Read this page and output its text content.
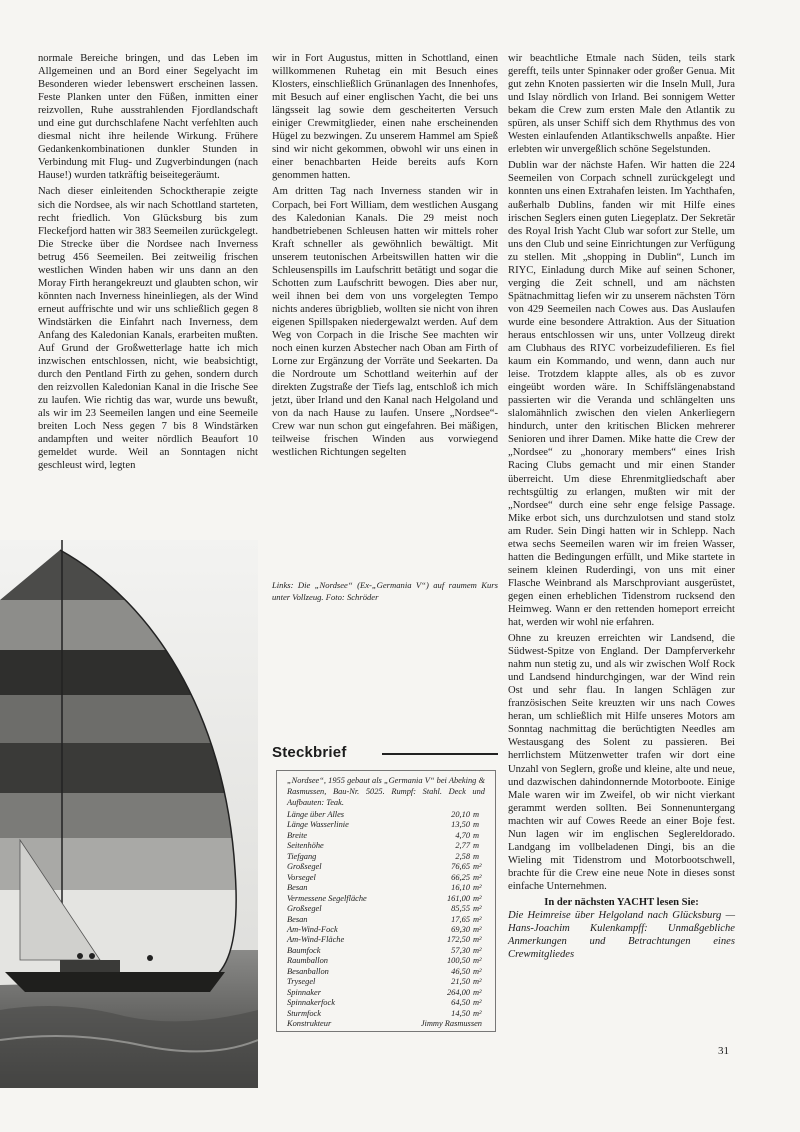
normale Bereiche bringen, und das Leben im Allgemeinen und an Bord einer Segelyacht im Besonderen wieder lebenswert erscheinen lassen. Feste Planken unter den Füßen, inmitten einer reizvollen, Ruhe ausstrahlenden Fjordlandschaft und eine gut durchschlafene Nacht verfehlten auch diesmal nicht ihre heilende Wirkung. Frühere Gedankenkombinationen dunkler Stunden in Verbindung mit Flug- und Zugverbindungen (nach Hause!) wurden tatkräftig beiseitegeräumt.

Nach dieser einleitenden Schocktherapie zeigte sich die Nordsee, als wir nach Schottland starteten, recht friedlich. Von Glücksburg bis zum Fleckefjord hatten wir 383 Seemeilen zurückgelegt. Die Strecke über die Nordsee nach Inverness betrug 456 Seemeilen. Bei zeitweilig frischen westlichen Winden haben wir uns dann an den Moray Firth herangekreuzt und glaubten schon, wir könnten nach Inverness hineinliegen, als der Wind erneut auffrischte und wir uns schließlich gegen 8 Windstärken die Einfahrt nach Inverness, dem Anfang des Kaledonian Kanals, erarbeiten mußten. Auf Grund der Großwetterlage hatte ich mich inzwischen entschlossen, nicht, wie beabsichtigt, durch den Pentland Firth zu gehen, sondern durch den reizvollen Kaledonian Kanal in die Irische See zu laufen. Wie richtig das war, wurde uns bewußt, als wir im 23 Seemeilen langen und eine Seemeile breiten Loch Ness gegen 7 bis 8 Windstärken andampften und weiter nördlich Beaufort 10 gemeldet wurde. Weil an Sonntagen nicht geschleust wird, legten

wir in Fort Augustus, mitten in Schottland, einen willkommenen Ruhetag ein mit Besuch eines Klosters, einschließlich Grünanlagen des Innenhofes, mit Besuch auf einer englischen Yacht, die bei uns längsseit lag sowie dem gescheiterten Versuch einiger Crewmitglieder, einen nahe erscheinenden Hügel zu bezwingen. Zu unserem Hammel am Spieß sind wir nicht gekommen, obwohl wir uns einen in einer benachbarten Heide bereits aufs Korn genommen hatten.

Am dritten Tag nach Inverness standen wir in Corpach, bei Fort William, dem westlichen Ausgang des Kaledonian Kanals. Die 29 meist noch handbetriebenen Schleusen hatten wir mittels roher Kraft schneller als gewöhnlich bewältigt. Mit unserem teutonischen Arbeitswillen hatten wir die Schleusenspills im Laufschritt betätigt und sogar die Schotten zum Laufschritt bewogen. Dies aber nur, weil ihnen bei dem von uns vorgelegten Tempo nichts anderes übrigblieb, wollten sie nicht von ihren eigenen Spillspaken niedergewalzt werden. Auf dem Weg von Corpach in die Irische See machten wir noch einen kurzen Abstecher nach Oban am Firth of Lorne zur Ergänzung der Vorräte und Seekarten. Da die Nordroute um Schottland weiterhin auf der direkten Zugstraße der Tiefs lag, entschloß ich mich jetzt, über Irland und den Kanal nach Helgoland und von da nach Hause zu laufen. Unsere „Nordsee“-Crew war nun schon gut eingefahren. Bei mäßigen, teilweise frischen Winden aus vorwiegend westlichen Richtungen segelten

Links: Die „Nordsee“ (Ex-„Germania V“) auf raumem Kurs unter Vollzeug. Foto: Schröder
Steckbrief
„Nordsee“, 1955 gebaut als „Germania V“ bei Abeking & Rasmussen, Bau-Nr. 5025. Rumpf: Stahl. Deck und Aufbauten: Teak.
Länge über Alles	20,10 m
Länge Wasserlinie	13,50 m
Breite	4,70 m
Seitenhöhe	2,77 m
Tiefgang	2,58 m
Großsegel	76,65 m²
Vorsegel	66,25 m²
Besan	16,10 m²
Vermessene Segelfläche	161,00 m²
Großsegel	85,55 m²
Besan	17,65 m²
Am-Wind-Fock	69,30 m²
Am-Wind-Fläche	172,50 m²
Baumfock	57,30 m²
Raumballon	100,50 m²
Besanballon	46,50 m²
Trysegel	21,50 m²
Spinnaker	264,00 m²
Spinnakerfock	64,50 m²
Sturmfock	14,50 m²
Konstrukteur	Jimmy Rasmussen

wir beachtliche Etmale nach Süden, teils stark gerefft, teils unter Spinnaker oder großer Genua. Mit gut zehn Knoten passierten wir die Inseln Mull, Jura und Islay nördlich von Irland. Bei sonnigem Wetter bekam die Crew zum ersten Male den Atlantik zu spüren, als unser Schiff sich dem Rhythmus des von Westen einlaufenden Atlantikschwells anpaßte. Hier erlebten wir unvergeßlich schöne Segelstunden.

Dublin war der nächste Hafen. Wir hatten die 224 Seemeilen von Corpach schnell zurückgelegt und konnten uns einen Extrahafen leisten. Im Yachthafen, außerhalb Dublins, fanden wir mit Hilfe eines irischen Seglers einen guten Liegeplatz. Der Sekretär des Royal Irish Yacht Club war sofort zur Stelle, um uns den Club und seine Einrichtungen zur Verfügung zu stellen. Mit „shopping in Dublin“, Lunch im RIYC, Einladung durch Mike auf seinen Schoner, verging die Zeit schnell, und am nächsten Spätnachmittag liefen wir zu unserem nächsten Törn von 429 Seemeilen nach Cowes aus. Das Auslaufen wurde eine besondere Attraktion. Aus der Situation heraus entschlossen wir uns, unter Vollzeug direkt am Clubhaus des RIYC vorbeizudefilieren. Es fiel kaum ein Kommando, und wenn, dann auch nur leise. Trotzdem klappte alles, als ob es zuvor eingeübt worden wäre. In Schiffslängenabstand passierten wir die Veranda und schlängelten uns slalomähnlich zwischen den vielen Ankerliegern hindurch, unter den kritischen Blicken mehrerer Senioren und ihrer Damen. Mike hatte die Crew der „Nordsee“ zu „honorary members“ eines Irish Racing Clubs gemacht und mir einen Stander überreicht. Um diese Ehrenmitgliedschaft aber rechtsgültig zu erlangen, mußten wir mit der „Nordsee“ durch eine sehr enge felsige Passage. Mike erbot sich, uns durchzulotsen und stand stolz am Ruder. Sein Dingi hatten wir in Schlepp. Nach etwa sechs Seemeilen waren wir im freien Wasser, hatten die Bedingungen erfüllt, und Mike startete in seinem kleinen Ruderdingi, von uns mit einer Flasche Weinbrand als Marschproviant ausgerüstet, gegen einen erheblichen Tidenstrom rucksend den Heimweg. Wann er den rettenden homeport erreicht hat, werden wir wohl nie erfahren.

Ohne zu kreuzen erreichten wir Landsend, die Südwest-Spitze von England. Der Dampferverkehr nahm nun stetig zu, und als wir zwischen Wolf Rock und Landsend hindurchgingen, war der Wind rein Ost und sehr flau. In langen Schlägen zur französischen Seite kreuzten wir uns nach Cowes heran, um schließlich mit Hilfe unseres Motors am Sonntag nachmittag die berüchtigten Needles am Westausgang des Solent zu passieren. Bei herrlichstem Mützenwetter trafen wir dort eine Unzahl von Seglern, große und kleine, alte und neue, und dazwischen dahindonnernde Motorboote. Einige Male waren wir im Zweifel, ob wir nicht vierkant gerammt werden sollten. Bei Sonnenuntergang machten wir auf Cowes Reede an einer Boje fest. Nun lagen wir im englischen Seglereldorado. Landgang im vollbeladenen Dingi, bis an die Wieling mit Tidenstrom und Motorbootschwell, brachte für die Crew eine neue Note in dieses sonst einfache Unternehmen.

In der nächsten YACHT lesen Sie:

Die Heimreise über Helgoland nach Glücksburg — Hans-Joachim Kulenkampff: Unmaßgebliche Anmerkungen und Betrachtungen eines Crewmitgliedes

31
